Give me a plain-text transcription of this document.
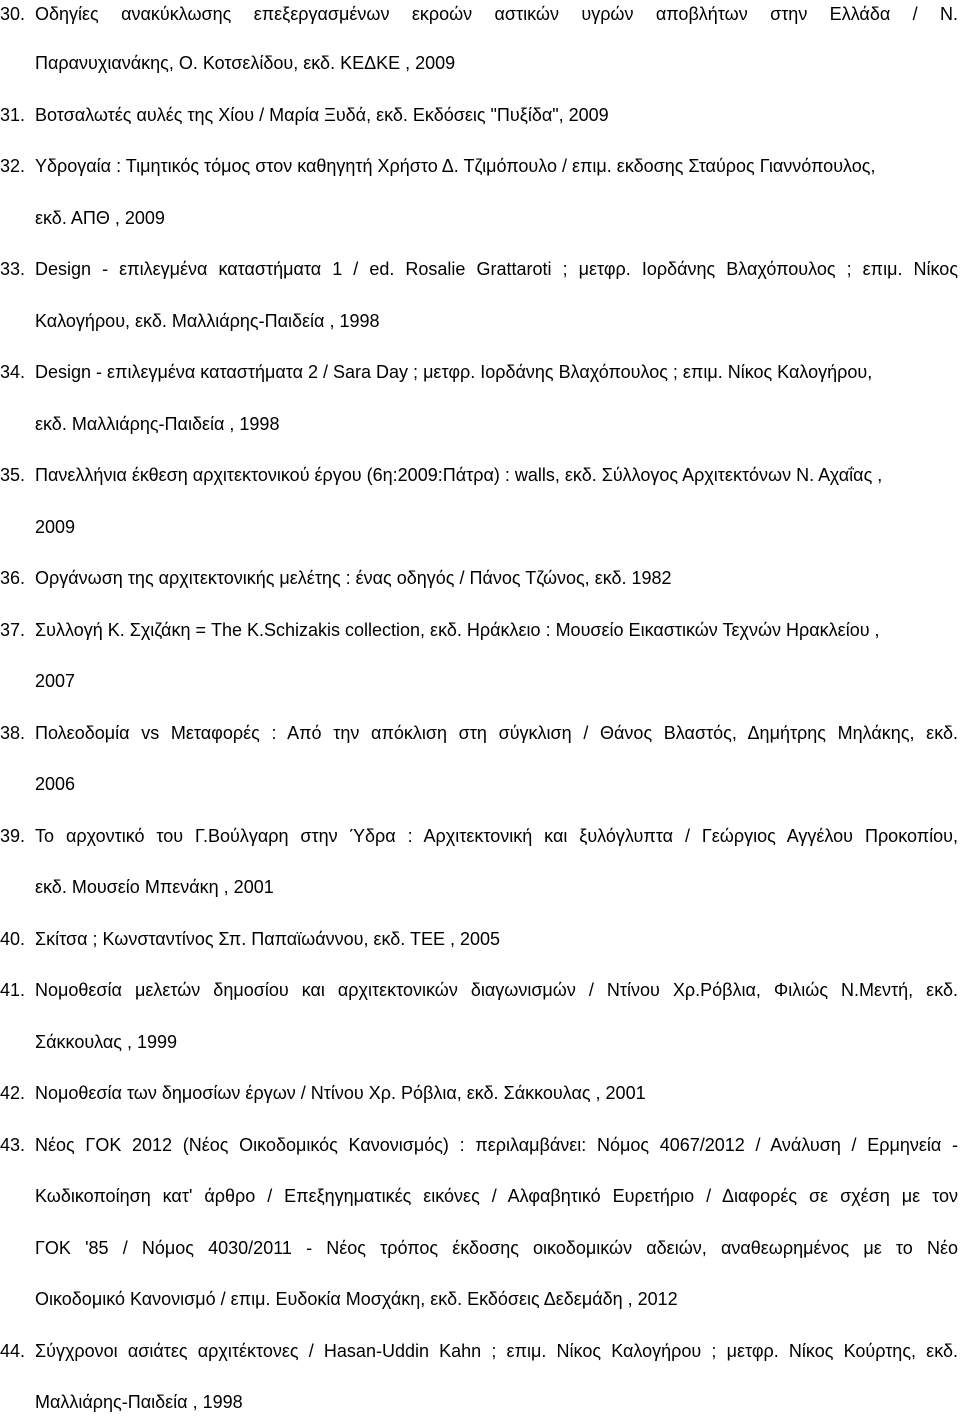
30. Οδηγίες ανακύκλωσης επεξεργασμένων εκροών αστικών υγρών αποβλήτων στην Ελλάδα / Ν.
Παρανυχιανάκης, Ο. Κοτσελίδου, εκδ. ΚΕΔΚΕ , 2009
31. Βοτσαλωτές αυλές της Χίου / Μαρία Ξυδά, εκδ. Εκδόσεις "Πυξίδα", 2009
32. Υδρογαία : Τιμητικός τόμος στον καθηγητή Χρήστο Δ. Τζιμόπουλο / επιμ. εκδοσης Σταύρος Γιαννόπουλος,
εκδ. ΑΠΘ , 2009
33. Design - επιλεγμένα καταστήματα 1 / ed. Rosalie Grattaroti ; μετφρ. Ιορδάνης Βλαχόπουλος ; επιμ. Νίκος
Καλογήρου, εκδ. Μαλλιάρης-Παιδεία , 1998
34. Design - επιλεγμένα καταστήματα 2 / Sara Day ; μετφρ. Ιορδάνης Βλαχόπουλος ; επιμ. Νίκος Καλογήρου,
εκδ. Μαλλιάρης-Παιδεία , 1998
35. Πανελλήνια έκθεση αρχιτεκτονικού έργου (6η:2009:Πάτρα) : walls, εκδ. Σύλλογος Αρχιτεκτόνων Ν. Αχαΐας ,
2009
36. Οργάνωση της αρχιτεκτονικής μελέτης : ένας οδηγός / Πάνος Τζώνος, εκδ. 1982
37. Συλλογή Κ. Σχιζάκη = The K.Schizakis collection, εκδ. Ηράκλειο : Μουσείο Εικαστικών Τεχνών Ηρακλείου ,
2007
38. Πολεοδομία vs Μεταφορές : Από την απόκλιση στη σύγκλιση / Θάνος Βλαστός, Δημήτρης Μηλάκης, εκδ.
2006
39. Το αρχοντικό του Γ.Βούλγαρη στην Ύδρα : Αρχιτεκτονική και ξυλόγλυπτα / Γεώργιος Αγγέλου Προκοπίου,
εκδ. Μουσείο Μπενάκη , 2001
40. Σκίτσα ; Κωνσταντίνος Σπ. Παπαϊωάννου, εκδ. ΤΕΕ , 2005
41. Νομοθεσία μελετών δημοσίου και αρχιτεκτονικών διαγωνισμών / Ντίνου Χρ.Ρόβλια, Φιλιώς Ν.Μεντή, εκδ.
Σάκκουλας , 1999
42. Νομοθεσία των δημοσίων έργων / Ντίνου Χρ. Ρόβλια, εκδ. Σάκκουλας , 2001
43. Νέος ΓΟΚ 2012 (Νέος Οικοδομικός Κανονισμός) : περιλαμβάνει: Νόμος 4067/2012 / Ανάλυση / Ερμηνεία -
Κωδικοποίηση κατ' άρθρο / Επεξηγηματικές εικόνες / Αλφαβητικό Ευρετήριο / Διαφορές σε σχέση με τον
ΓΟΚ '85 / Νόμος 4030/2011 - Νέος τρόπος έκδοσης οικοδομικών αδειών, αναθεωρημένος με το Νέο
Οικοδομικό Κανονισμό / επιμ. Ευδοκία Μοσχάκη, εκδ. Εκδόσεις Δεδεμάδη , 2012
44. Σύγχρονοι ασιάτες αρχιτέκτονες / Hasan-Uddin Kahn ; επιμ. Νίκος Καλογήρου ; μετφρ. Νίκος Κούρτης, εκδ.
Μαλλιάρης-Παιδεία , 1998
